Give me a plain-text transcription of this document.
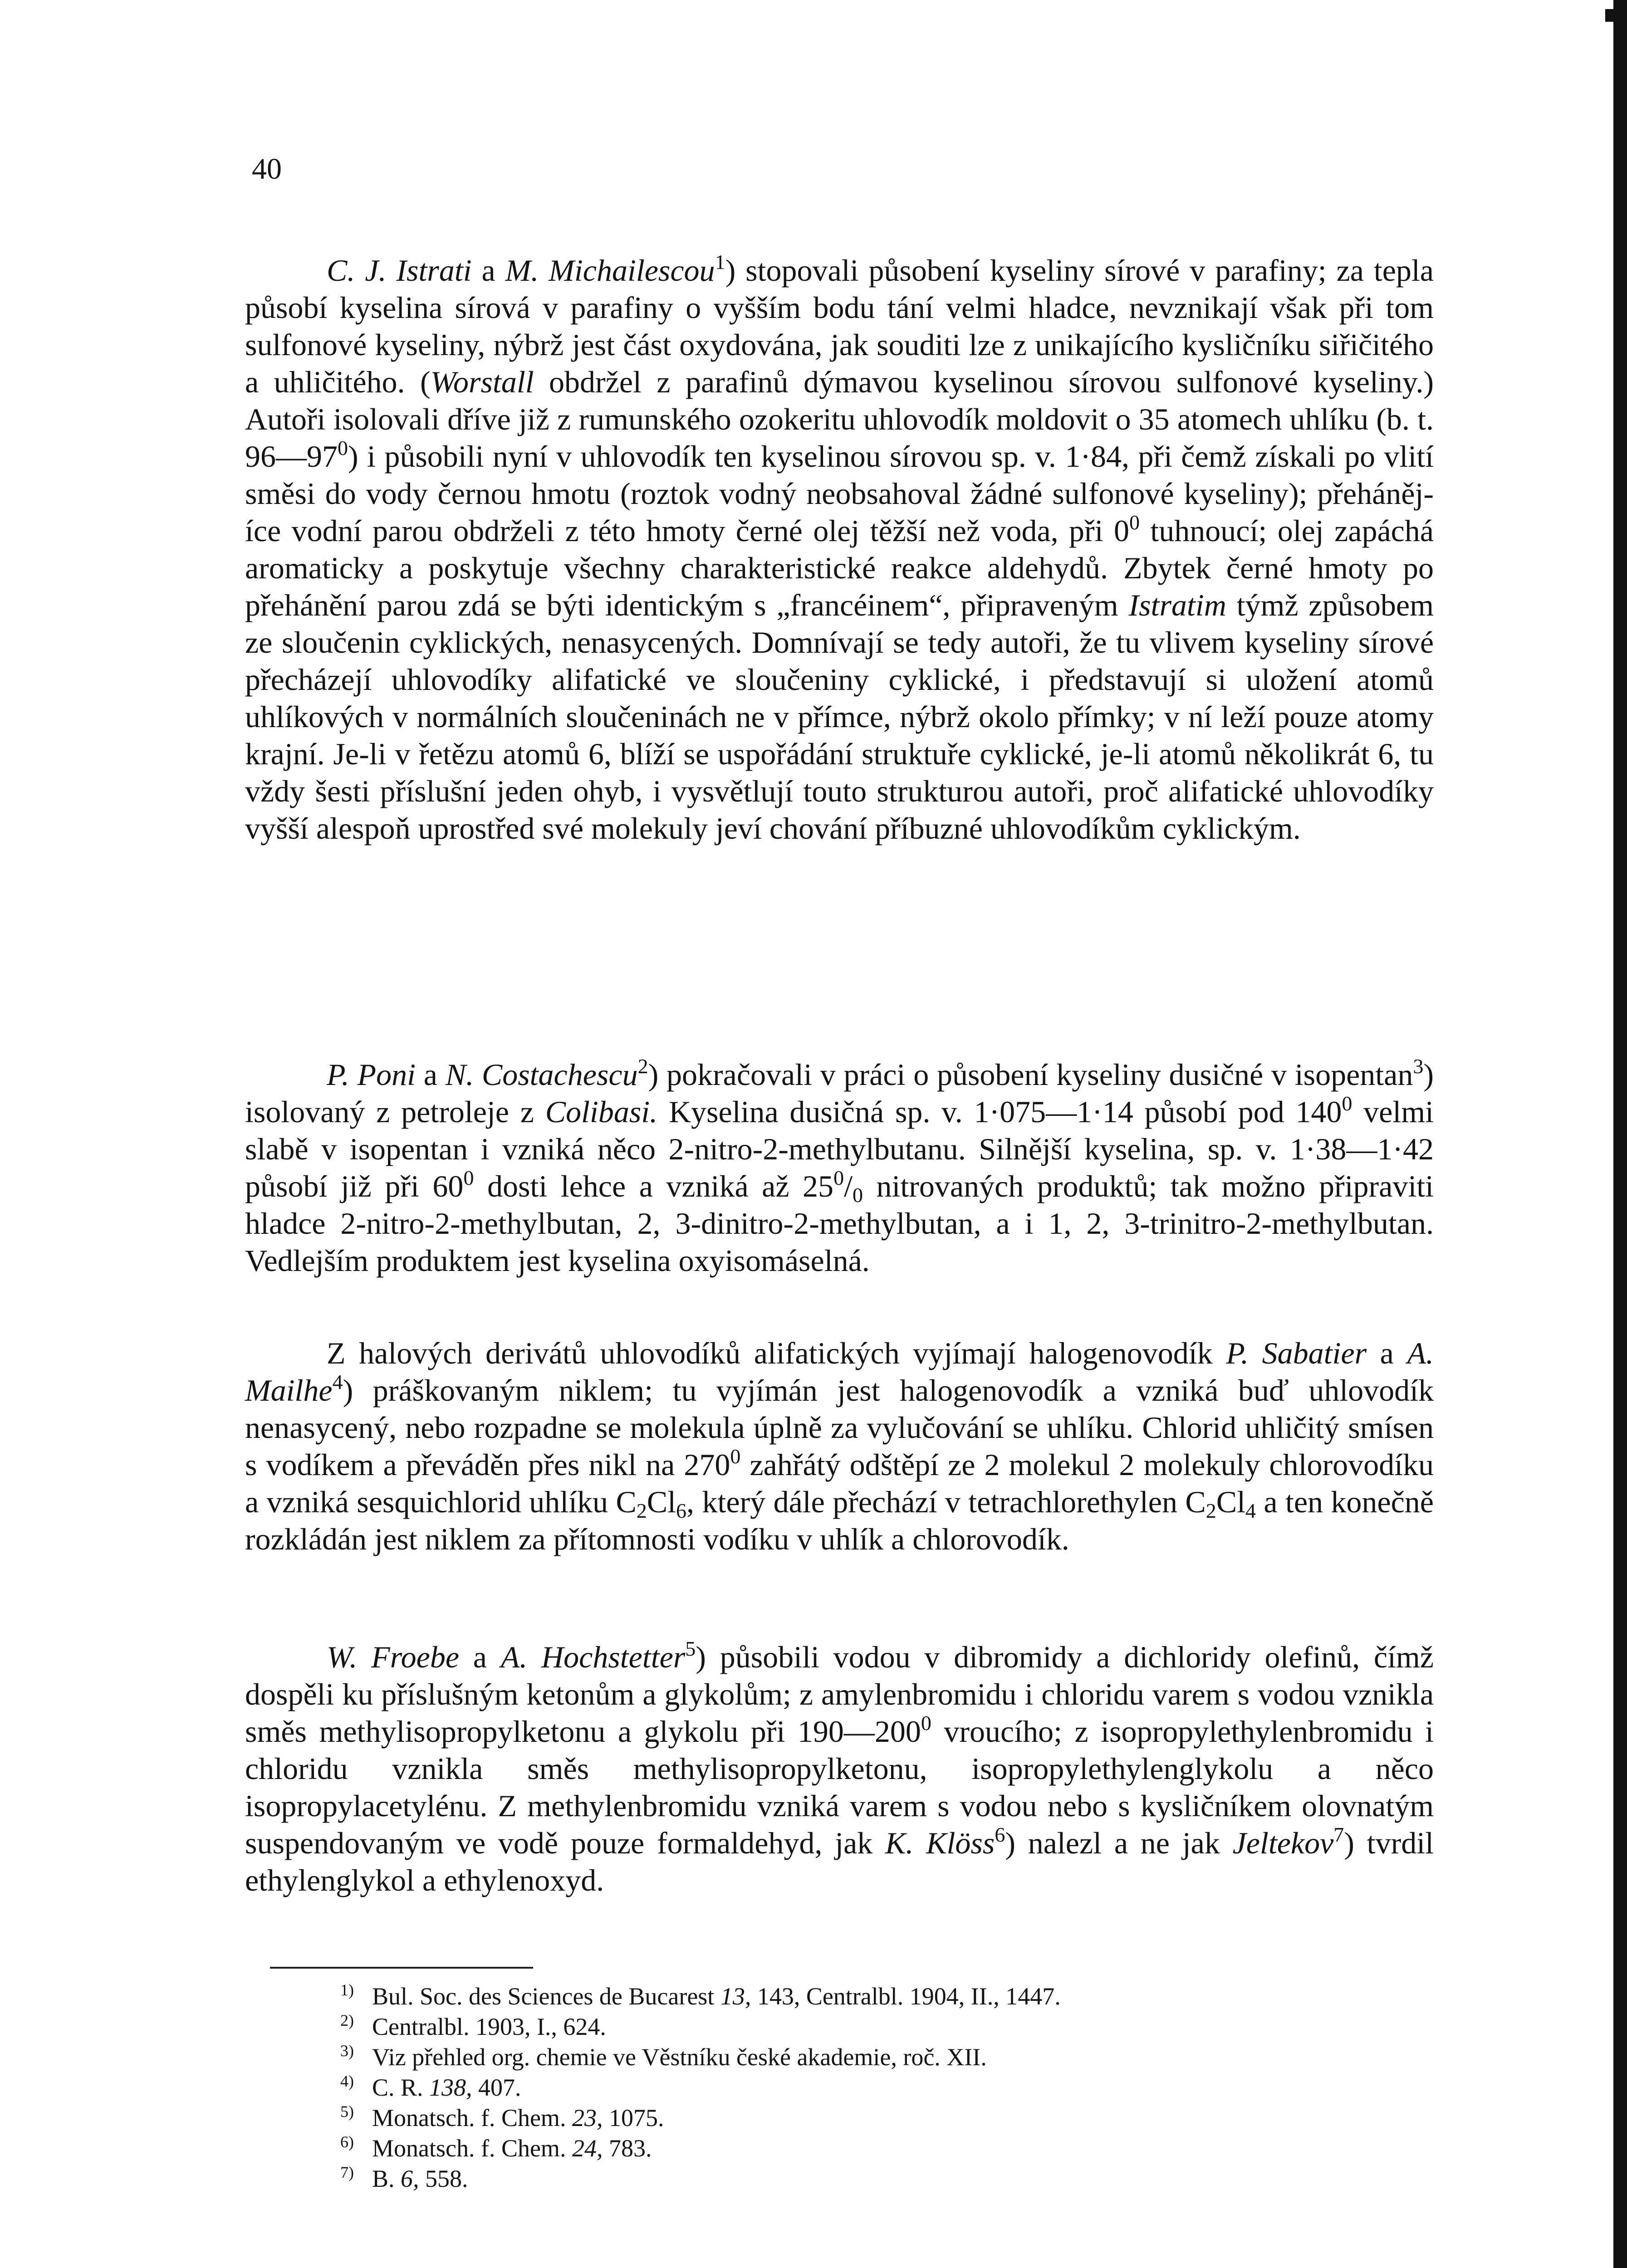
40

C. J. Istrati a M. Michailescou$^1$) stopovali působení kyseliny sírové v parafiny; za tepla působí kyselina sírová v parafiny o vyšším bodu tání velmi hladce, nevznikají však při tom sulfonové kyseliny, nýbrž jest část oxydována, jak souditi lze z unikajícího kysličníku siřičitého a uhličitého. (Worstall obdržel z parafinů dýmavou kyselinou sírovou sulfonové kyseliny.) Autoři isolovali dříve již z rumunského ozokeritu uhlovodík moldovit o 35 atomech uhlíku (b. t. $96—97^0$) i působili nyní v uhlovodík ten kyselinou sírovou sp. v. 1·84, při čemž získali po vlití směsi do vody černou hmotu (roztok vodný neobsahoval žádné sulfonové kyseliny); přehánějíce vodní parou obdrželi z této hmoty černé olej těžší než voda, při $0^0$ tuhnoucí; olej zapáchá aromaticky a poskytuje všechny charakteristické reakce aldehydů. Zbytek černé hmoty po přehánění parou zdá se býti identickým s „francéinem“, připraveným Istratim týmž způsobem ze sloučenin cyklických, nenasycených. Domnívají se tedy autoři, že tu vlivem kyseliny sírové přecházejí uhlovodíky alifatické ve sloučeniny cyklické, i představují si uložení atomů uhlíkových v normálních sloučeninách ne v přímce, nýbrž okolo přímky; v ní leží pouze atomy krajní. Je-li v řetězu atomů 6, blíží se uspořádání struktuře cyklické, je-li atomů několikrát 6, tu vždy šesti příslušní jeden ohyb, i vysvětlují touto strukturou autoři, proč alifatické uhlovodíky vyšší alespoň uprostřed své molekuly jeví chování příbuzné uhlovodíkům cyklickým.

P. Poni a N. Costachescu$^2$) pokračovali v práci o působení kyseliny dusičné v isopentan$^3$) isolovaný z petroleje z Colibasi. Kyselina dusičná sp. v. 1·075—1·14 působí pod $140^0$ velmi slabě v isopentan i vzniká něco 2-nitro-2-methylbutanu. Silnější kyselina, sp. v. 1·38—1·42 působí již při $60^0$ dosti lehce a vzniká až $25^0/_0$ nitrovaných produktů; tak možno připraviti hladce 2-nitro-2-methylbutan, 2, 3-dinitro-2-methylbutan, a i 1, 2, 3-trinitro-2-methylbutan. Vedlejším produktem jest kyselina oxyisomáselná.

Z halových derivátů uhlovodíků alifatických vyjímají halogenovodík P. Sabatier a A. Mailhe$^4$) práškovaným niklem; tu vyjímán jest halogenovodík a vzniká buď uhlovodík nenasycený, nebo rozpadne se molekula úplně za vylučování se uhlíku. Chlorid uhličitý smísen s vodíkem a převáděn přes nikl na $270^0$ zahřátý odštěpí ze 2 molekul 2 molekuly chlorovodíku a vzniká sesquichlorid uhlíku $C_2Cl_6$, který dále přechází v tetrachlorethylen $C_2Cl_4$ a ten konečně rozkládán jest niklem za přítomnosti vodíku v uhlík a chlorovodík.

W. Froebe a A. Hochstetter$^5$) působili vodou v dibromidy a dichloridy olefinů, čímž dospěli ku příslušným ketonům a glykolům; z amylenbromidu i chloridu varem s vodou vznikla směs methylisopropylketonu a glykolu při $190—200^0$ vroucího; z isopropylethylenbromidu i chloridu vznikla směs methylisopropylketonu, isopropylethylenglykolu a něco isopropylacetylénu. Z methylenbromidu vzniká varem s vodou nebo s kysličníkem olovnatým suspendovaným ve vodě pouze formaldehyd, jak K. Klöss$^6$) nalezl a ne jak Jeltekov$^7$) tvrdil ethylenglykol a ethylenoxyd.

1) Bul. Soc. des Sciences de Bucarest 13, 143, Centralbl. 1904, II., 1447.
2) Centralbl. 1903, I., 624.
3) Viz přehled org. chemie ve Věstníku české akademie, roč. XII.
4) C. R. 138, 407.
5) Monatsch. f. Chem. 23, 1075.
6) Monatsch. f. Chem. 24, 783.
7) B. 6, 558.
